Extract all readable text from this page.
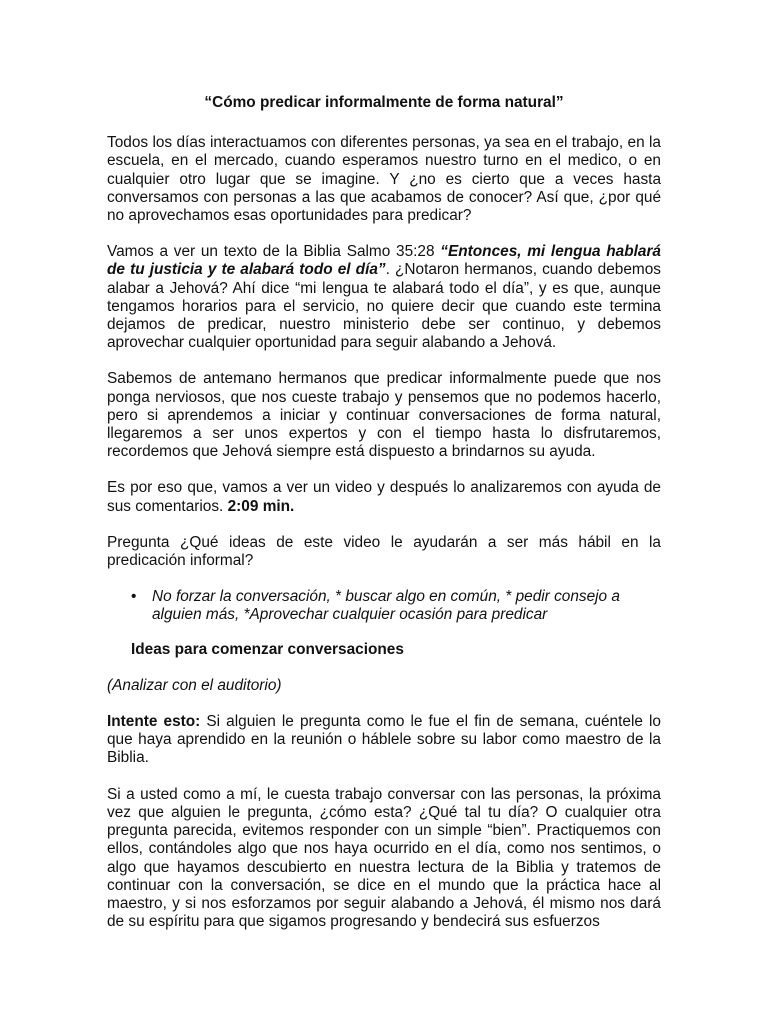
“Cómo predicar informalmente de forma natural”

Todos los días interactuamos con diferentes personas, ya sea en el trabajo, en la escuela, en el mercado, cuando esperamos nuestro turno en el medico, o en cualquier otro lugar que se imagine. Y ¿no es cierto que a veces hasta conversamos con personas a las que acabamos de conocer? Así que, ¿por qué no aprovechamos esas oportunidades para predicar?

Vamos a ver un texto de la Biblia Salmo 35:28 “Entonces, mi lengua hablará de tu justicia y te alabará todo el día”. ¿Notaron hermanos, cuando debemos alabar a Jehová? Ahí dice “mi lengua te alabará todo el día”, y es que, aunque tengamos horarios para el servicio, no quiere decir que cuando este termina dejamos de predicar, nuestro ministerio debe ser continuo, y debemos aprovechar cualquier oportunidad para seguir alabando a Jehová.

Sabemos de antemano hermanos que predicar informalmente puede que nos ponga nerviosos, que nos cueste trabajo y pensemos que no podemos hacerlo, pero si aprendemos a iniciar y continuar conversaciones de forma natural, llegaremos a ser unos expertos y con el tiempo hasta lo disfrutaremos, recordemos que Jehová siempre está dispuesto a brindarnos su ayuda.

Es por eso que, vamos a ver un video y después lo analizaremos con ayuda de sus comentarios. 2:09 min.

Pregunta ¿Qué ideas de este video le ayudarán a ser más hábil en la predicación informal?

• No forzar la conversación, * buscar algo en común, * pedir consejo a alguien más, *Aprovechar cualquier ocasión para predicar
Ideas para comenzar conversaciones

(Analizar con el auditorio)

Intente esto: Si alguien le pregunta como le fue el fin de semana, cuéntele lo que haya aprendido en la reunión o háblele sobre su labor como maestro de la Biblia.

Si a usted como a mí, le cuesta trabajo conversar con las personas, la próxima vez que alguien le pregunta, ¿cómo esta? ¿Qué tal tu día? O cualquier otra pregunta parecida, evitemos responder con un simple “bien”. Practiquemos con ellos, contándoles algo que nos haya ocurrido en el día, como nos sentimos, o algo que hayamos descubierto en nuestra lectura de la Biblia y tratemos de continuar con la conversación, se dice en el mundo que la práctica hace al maestro, y si nos esforzamos por seguir alabando a Jehová, él mismo nos dará de su espíritu para que sigamos progresando y bendecirá sus esfuerzos
